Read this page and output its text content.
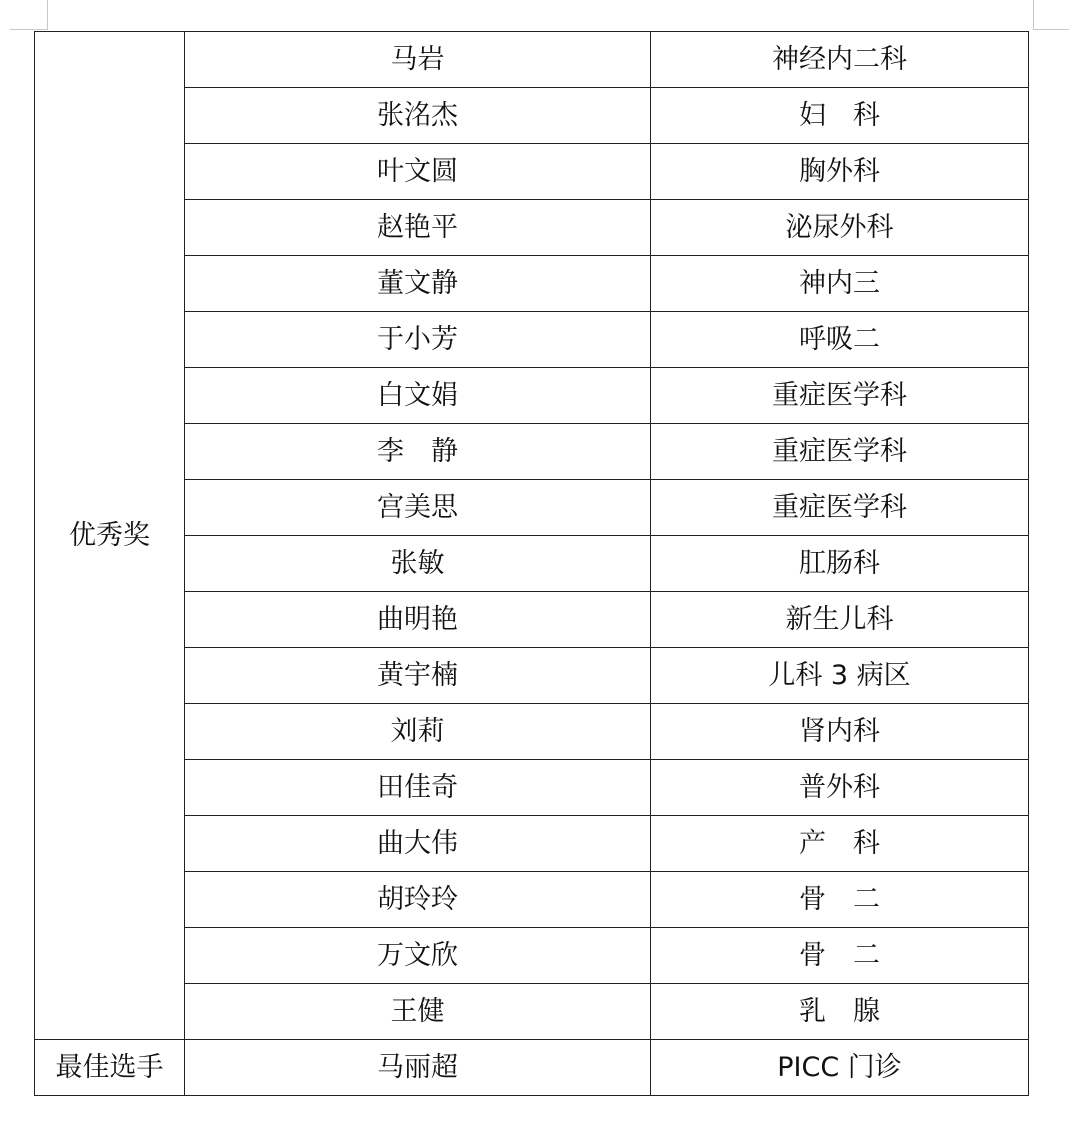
优秀奖	马岩	神经内二科
	张洺杰	妇　科
	叶文圆	胸外科
	赵艳平	泌尿外科
	董文静	神内三
	于小芳	呼吸二
	白文娟	重症医学科
	李　静	重症医学科
	宫美思	重症医学科
	张敏	肛肠科
	曲明艳	新生儿科
	黄宇楠	儿科 3 病区
	刘莉	肾内科
	田佳奇	普外科
	曲大伟	产　科
	胡玲玲	骨　二
	万文欣	骨　二
	王健	乳　腺
最佳选手	马丽超	PICC 门诊
